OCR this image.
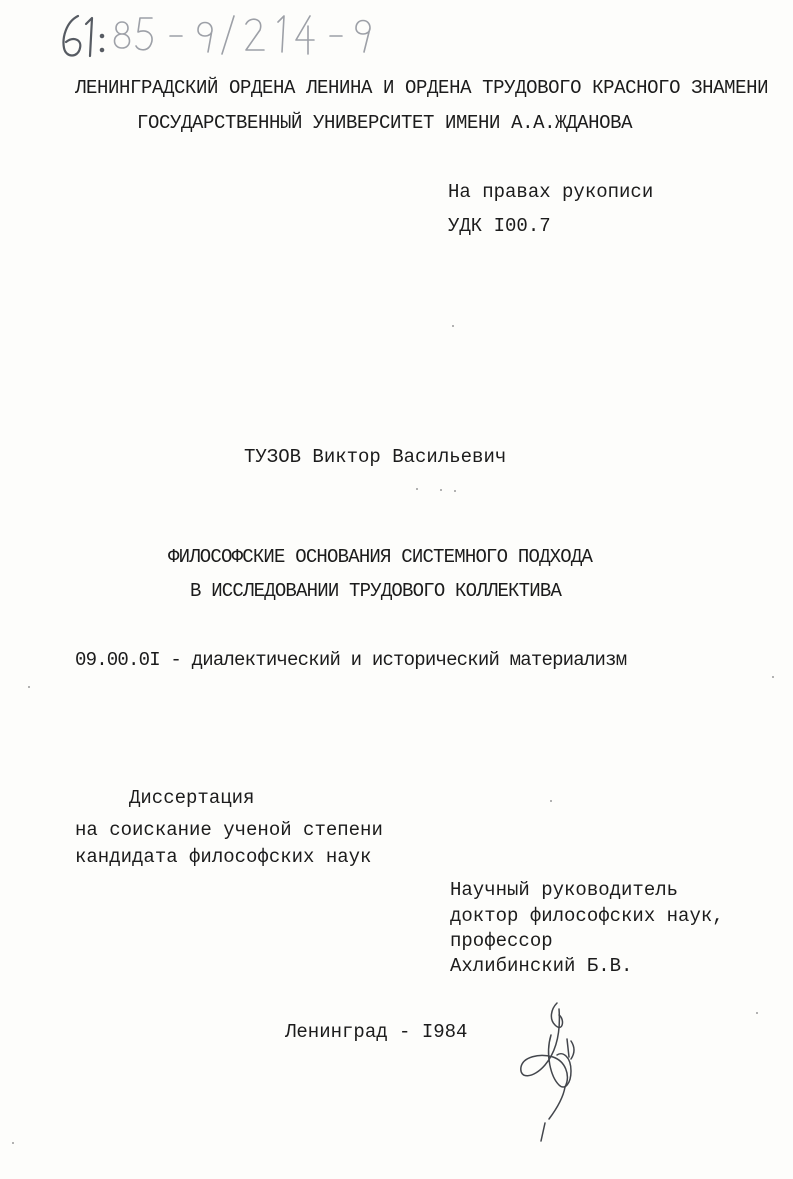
ЛЕНИНГРАДСКИЙ ОРДЕНА ЛЕНИНА И ОРДЕНА ТРУДОВОГО КРАСНОГО ЗНАМЕНИ
ГОСУДАРСТВЕННЫЙ УНИВЕРСИТЕТ ИМЕНИ А.А.ЖДАНОВА
На правах рукописи
УДК I00.7
ТУЗОВ Виктор Васильевич
ФИЛОСОФСКИЕ ОСНОВАНИЯ СИСТЕМНОГО ПОДХОДА
В ИССЛЕДОВАНИИ ТРУДОВОГО КОЛЛЕКТИВА
09.00.0I - диалектический и исторический материализм
Диссертация
на соискание ученой степени
кандидата философских наук
Научный руководитель
доктор философских наук,
профессор
Ахлибинский Б.В.
Ленинград - I984
